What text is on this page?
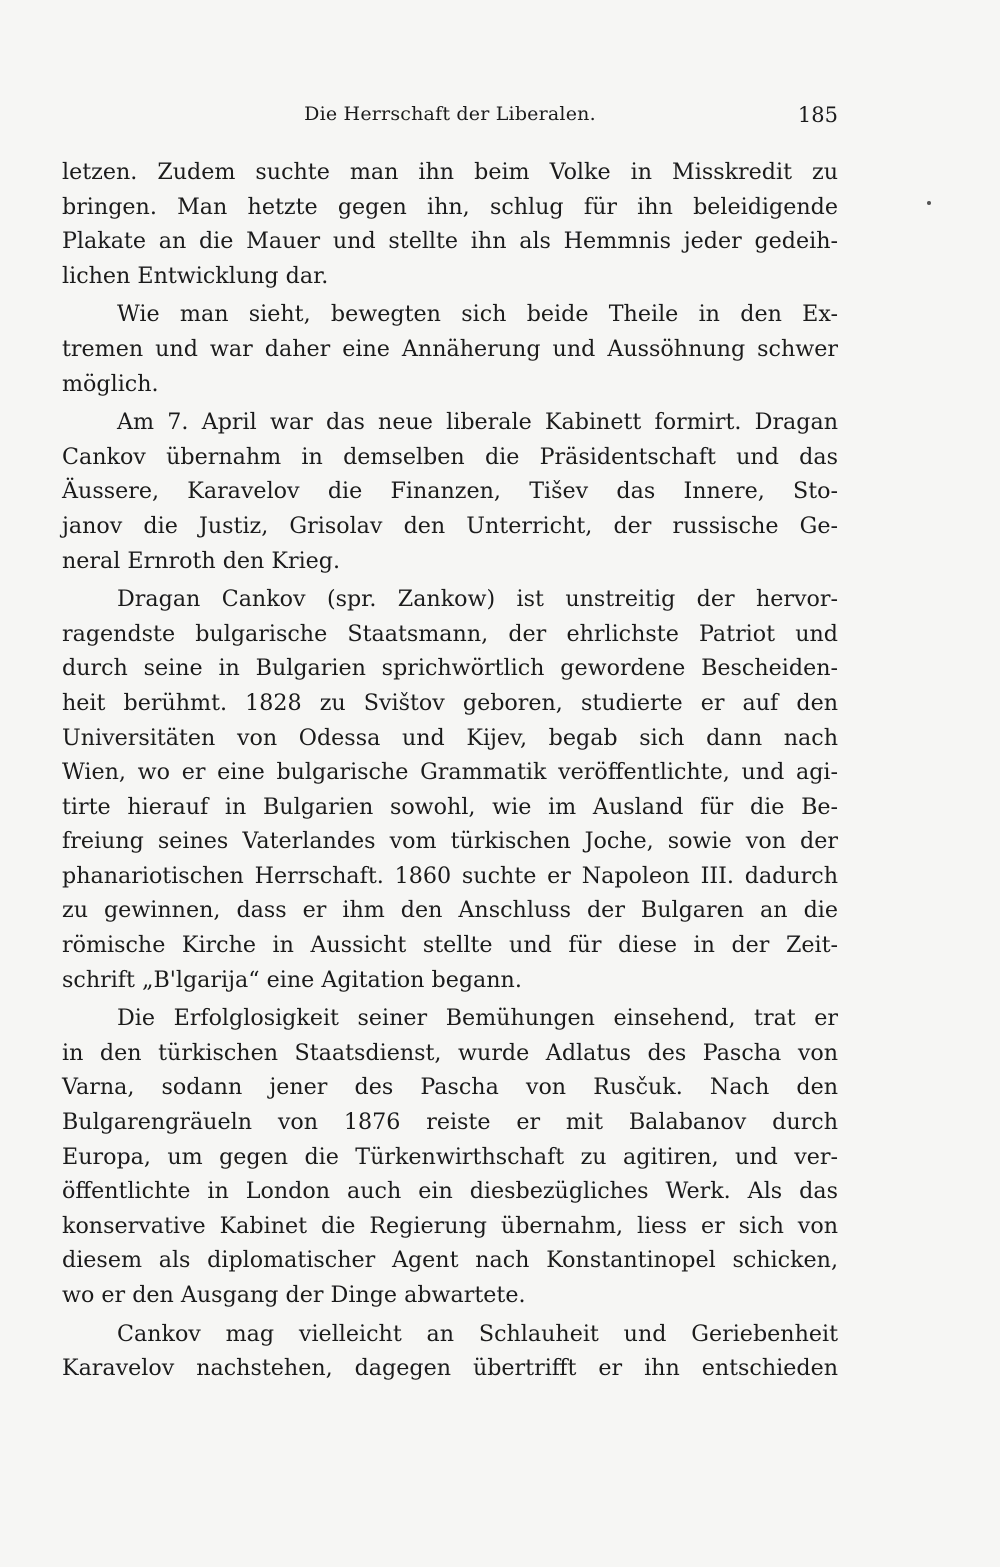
Die Herrschaft der Liberalen.	185

letzen. Zudem suchte man ihn beim Volke in Misskredit zu
bringen. Man hetzte gegen ihn, schlug für ihn beleidigende
Plakate an die Mauer und stellte ihn als Hemmnis jeder gedeih-
lichen Entwicklung dar.

Wie man sieht, bewegten sich beide Theile in den Ex-
tremen und war daher eine Annäherung und Aussöhnung schwer
möglich.

Am 7. April war das neue liberale Kabinett formirt. Dragan
Cankov übernahm in demselben die Präsidentschaft und das
Äussere, Karavelov die Finanzen, Tišev das Innere, Sto-
janov die Justiz, Grisolav den Unterricht, der russische Ge-
neral Ernroth den Krieg.

Dragan Cankov (spr. Zankow) ist unstreitig der hervor-
ragendste bulgarische Staatsmann, der ehrlichste Patriot und
durch seine in Bulgarien sprichwörtlich gewordene Bescheiden-
heit berühmt. 1828 zu Svištov geboren, studierte er auf den
Universitäten von Odessa und Kijev, begab sich dann nach
Wien, wo er eine bulgarische Grammatik veröffentlichte, und agi-
tirte hierauf in Bulgarien sowohl, wie im Ausland für die Be-
freiung seines Vaterlandes vom türkischen Joche, sowie von der
phanariotischen Herrschaft. 1860 suchte er Napoleon III. dadurch
zu gewinnen, dass er ihm den Anschluss der Bulgaren an die
römische Kirche in Aussicht stellte und für diese in der Zeit-
schrift „B'lgarija“ eine Agitation begann.

Die Erfolglosigkeit seiner Bemühungen einsehend, trat er
in den türkischen Staatsdienst, wurde Adlatus des Pascha von
Varna, sodann jener des Pascha von Rusčuk. Nach den
Bulgarengräueln von 1876 reiste er mit Balabanov durch
Europa, um gegen die Türkenwirthschaft zu agitiren, und ver-
öffentlichte in London auch ein diesbezügliches Werk. Als das
konservative Kabinet die Regierung übernahm, liess er sich von
diesem als diplomatischer Agent nach Konstantinopel schicken,
wo er den Ausgang der Dinge abwartete.

Cankov mag vielleicht an Schlauheit und Geriebenheit
Karavelov nachstehen, dagegen übertrifft er ihn entschieden
